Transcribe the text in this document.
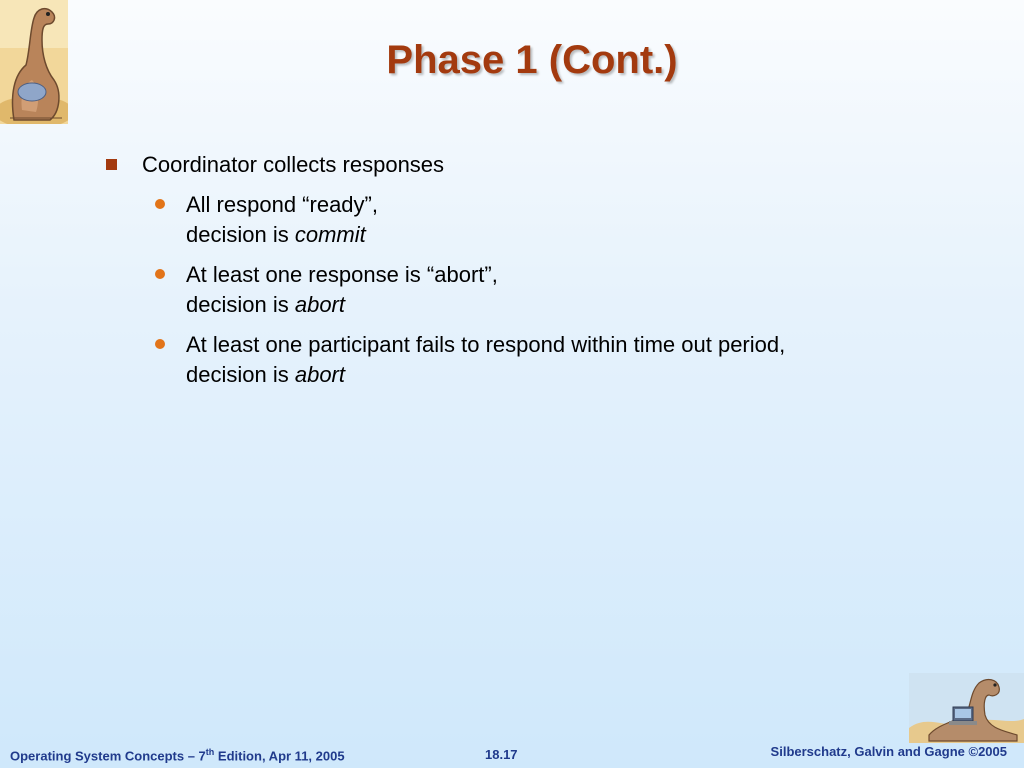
Phase 1 (Cont.)
Coordinator collects responses
All respond “ready”,
decision is commit
At least one response is “abort”,
decision is abort
At least one participant fails to respond within time out period,
decision is abort
Operating System Concepts – 7th Edition, Apr 11, 2005	18.17	Silberschatz, Galvin and Gagne ©2005
